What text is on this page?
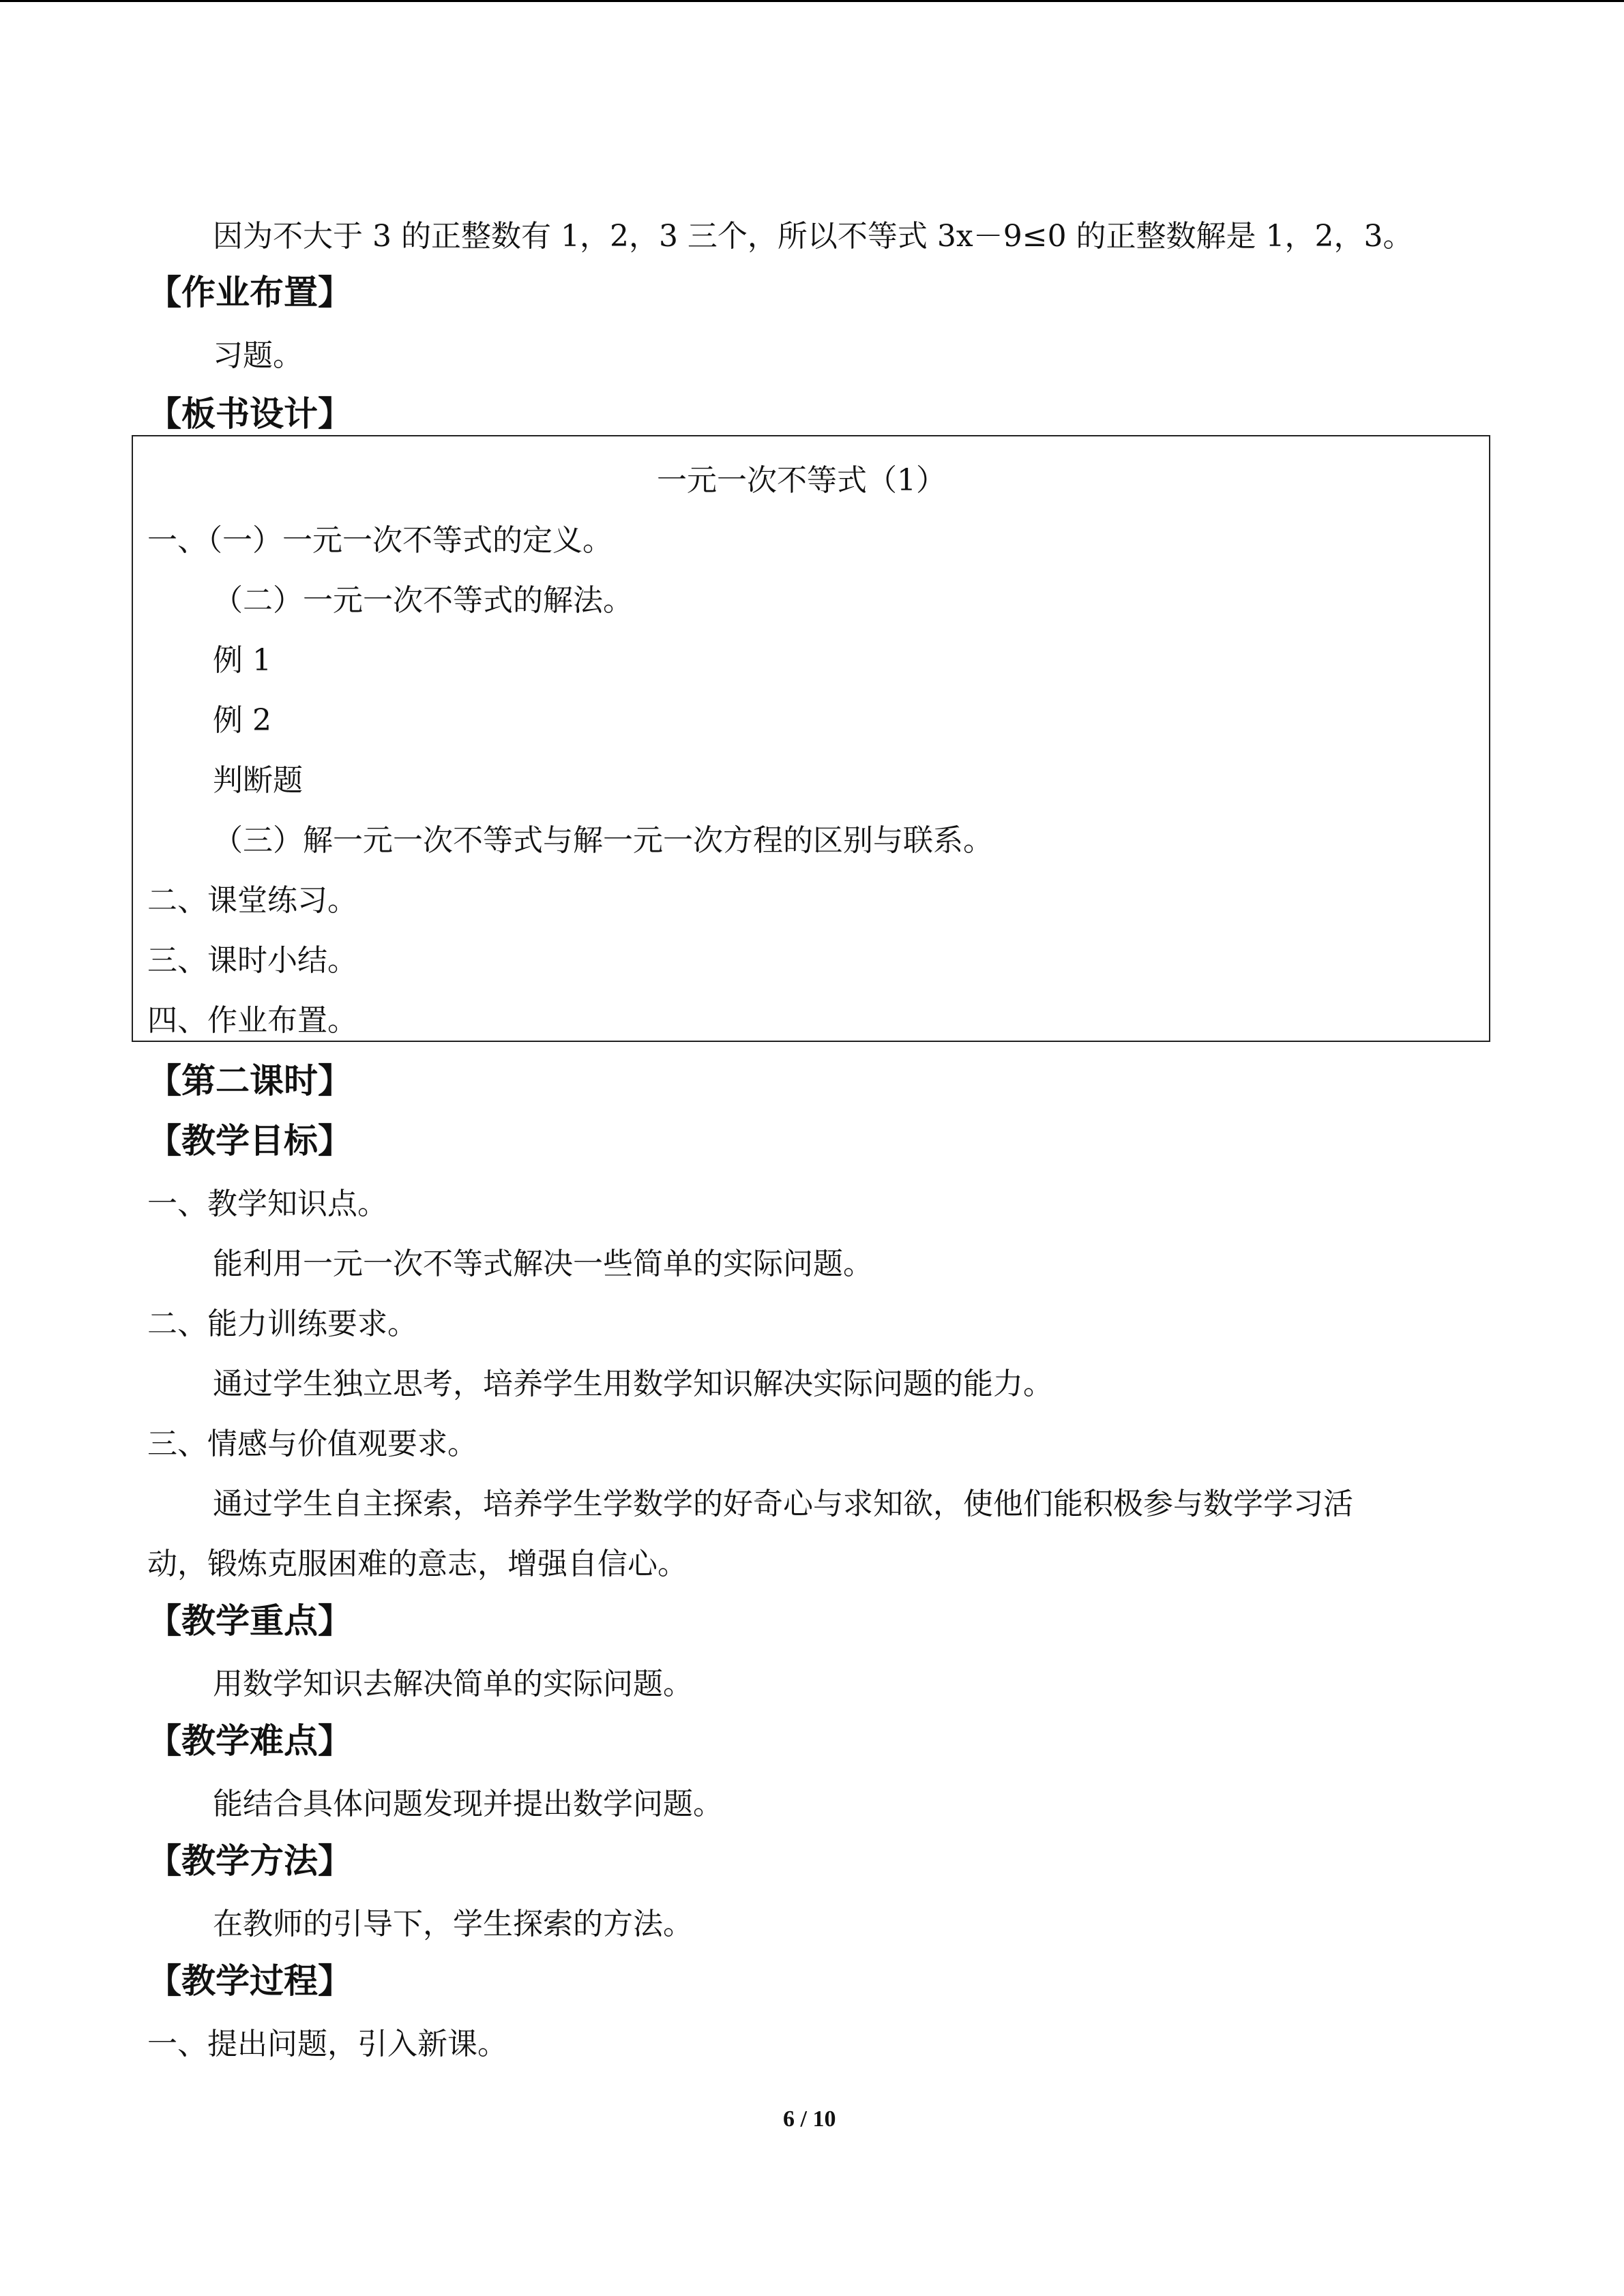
因为不大于 3 的正整数有 1，2，3 三个，所以不等式 3x－9≤0 的正整数解是 1，2，3。

【作业布置】

习题。

【板书设计】

一元一次不等式（1）

一、（一）一元一次不等式的定义。

（二）一元一次不等式的解法。

例 1

例 2

判断题

（三）解一元一次不等式与解一元一次方程的区别与联系。

二、课堂练习。

三、课时小结。

四、作业布置。

【第二课时】
【教学目标】

一、教学知识点。

能利用一元一次不等式解决一些简单的实际问题。

二、能力训练要求。

通过学生独立思考，培养学生用数学知识解决实际问题的能力。

三、情感与价值观要求。

通过学生自主探索，培养学生学数学的好奇心与求知欲，使他们能积极参与数学学习活

动，锻炼克服困难的意志，增强自信心。

【教学重点】

用数学知识去解决简单的实际问题。

【教学难点】

能结合具体问题发现并提出数学问题。

【教学方法】

在教师的引导下，学生探索的方法。

【教学过程】

一、提出问题，引入新课。

6 / 10
